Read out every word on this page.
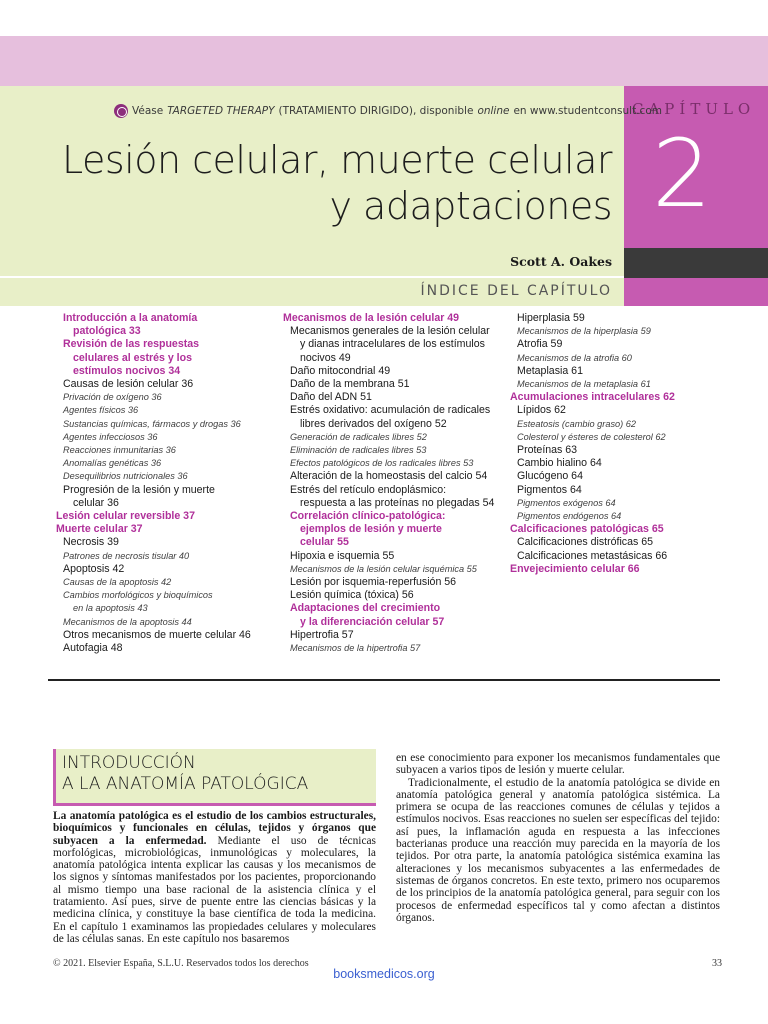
CAPÍTULO
2
Véase TARGETED THERAPY (TRATAMIENTO DIRIGIDO), disponible online en www.studentconsult.com
Lesión celular, muerte celular
y adaptaciones
Scott A. Oakes
ÍNDICE DEL CAPÍTULO
Introducción a la anatomía
patológica 33
Revisión de las respuestas
celulares al estrés y los
estímulos nocivos 34
Causas de lesión celular 36
Privación de oxígeno 36
Agentes físicos 36
Sustancias químicas, fármacos y drogas 36
Agentes infecciosos 36
Reacciones inmunitarias 36
Anomalías genéticas 36
Desequilibrios nutricionales 36
Progresión de la lesión y muerte
celular 36
Lesión celular reversible 37
Muerte celular 37
Necrosis 39
Patrones de necrosis tisular 40
Apoptosis 42
Causas de la apoptosis 42
Cambios morfológicos y bioquímicos
en la apoptosis 43
Mecanismos de la apoptosis 44
Otros mecanismos de muerte celular 46
Autofagia 48
Mecanismos de la lesión celular 49
Mecanismos generales de la lesión celular
y dianas intracelulares de los estímulos
nocivos 49
Daño mitocondrial 49
Daño de la membrana 51
Daño del ADN 51
Estrés oxidativo: acumulación de radicales
libres derivados del oxígeno 52
Generación de radicales libres 52
Eliminación de radicales libres 53
Efectos patológicos de los radicales libres 53
Alteración de la homeostasis del calcio 54
Estrés del retículo endoplásmico:
respuesta a las proteínas no plegadas 54
Correlación clínico-patológica:
ejemplos de lesión y muerte
celular 55
Hipoxia e isquemia 55
Mecanismos de la lesión celular isquémica 55
Lesión por isquemia-reperfusión 56
Lesión química (tóxica) 56
Adaptaciones del crecimiento
y la diferenciación celular 57
Hipertrofia 57
Mecanismos de la hipertrofia 57
Hiperplasia 59
Mecanismos de la hiperplasia 59
Atrofia 59
Mecanismos de la atrofia 60
Metaplasia 61
Mecanismos de la metaplasia 61
Acumulaciones intracelulares 62
Lípidos 62
Esteatosis (cambio graso) 62
Colesterol y ésteres de colesterol 62
Proteínas 63
Cambio hialino 64
Glucógeno 64
Pigmentos 64
Pigmentos exógenos 64
Pigmentos endógenos 64
Calcificaciones patológicas 65
Calcificaciones distróficas 65
Calcificaciones metastásicas 66
Envejecimiento celular 66
INTRODUCCIÓN
A LA ANATOMÍA PATOLÓGICA

La anatomía patológica es el estudio de los cambios estructurales, bioquímicos y funcionales en células, tejidos y órganos que subyacen a la enfermedad. Mediante el uso de técnicas morfológicas, microbiológicas, inmunológicas y moleculares, la anatomía patológica intenta explicar las causas y los mecanismos de los signos y síntomas manifestados por los pacientes, proporcionando al mismo tiempo una base racional de la asistencia clínica y el tratamiento. Así pues, sirve de puente entre las ciencias básicas y la medicina clínica, y constituye la base científica de toda la medicina. En el capítulo 1 examinamos las propiedades celulares y moleculares de las células sanas. En este capítulo nos basaremos

en ese conocimiento para exponer los mecanismos fundamentales que subyacen a varios tipos de lesión y muerte celular.

Tradicionalmente, el estudio de la anatomía patológica se divide en anatomía patológica general y anatomía patológica sistémica. La primera se ocupa de las reacciones comunes de células y tejidos a estímulos nocivos. Esas reacciones no suelen ser específicas del tejido: así pues, la inflamación aguda en respuesta a las infecciones bacterianas produce una reacción muy parecida en la mayoría de los tejidos. Por otra parte, la anatomía patológica sistémica examina las alteraciones y los mecanismos subyacentes a las enfermedades de sistemas de órganos concretos. En este texto, primero nos ocuparemos de los principios de la anatomía patológica general, para seguir con los procesos de enfermedad específicos tal y como afectan a distintos órganos.

© 2021. Elsevier España, S.L.U. Reservados todos los derechos	33
booksmedicos.org
